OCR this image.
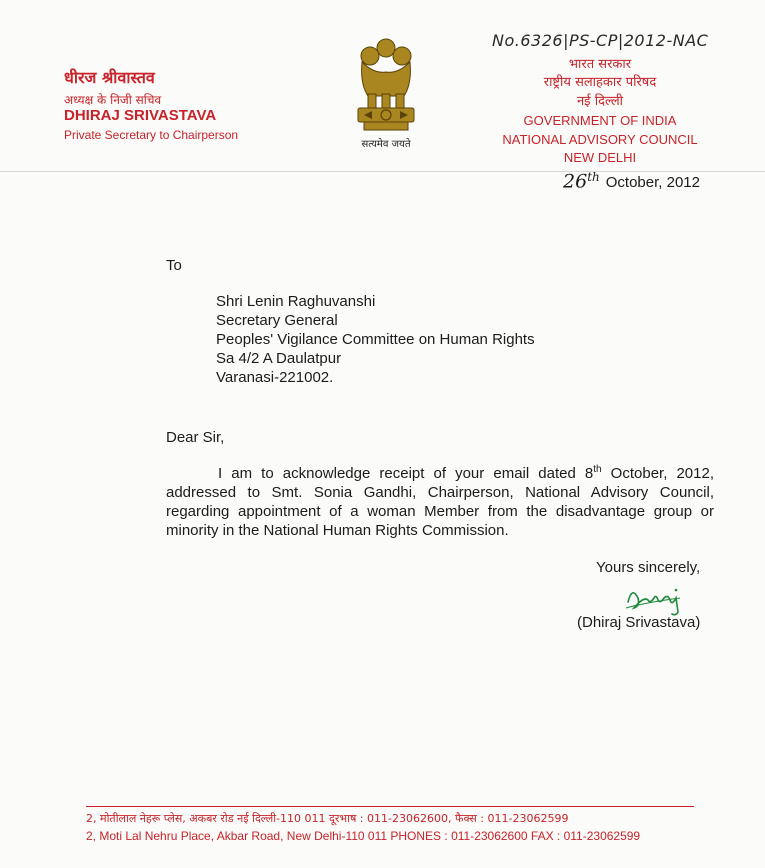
धीरज श्रीवास्तव
अध्यक्ष के निजी सचिव
DHIRAJ SRIVASTAVA
Private Secretary to Chairperson
सत्यमेव जयते
No.6326|PS-CP|2012-NAC
भारत सरकार
राष्ट्रीय सलाहकार परिषद
नई दिल्ली
GOVERNMENT OF INDIA
NATIONAL ADVISORY COUNCIL
NEW DELHI
26th October, 2012
To
Shri Lenin Raghuvanshi
Secretary General
Peoples' Vigilance Committee on Human Rights
Sa 4/2 A Daulatpur
Varanasi-221002.
Dear Sir,
I am to acknowledge receipt of your email dated 8th October, 2012, addressed to Smt. Sonia Gandhi, Chairperson, National Advisory Council, regarding appointment of a woman Member from the disadvantage group or minority in the National Human Rights Commission.
Yours sincerely,
(Dhiraj Srivastava)
2, मोतीलाल नेहरू प्लेस, अकबर रोड नई दिल्ली-110 011 दूरभाष : 011-23062600, फैक्स : 011-23062599
2, Moti Lal Nehru Place, Akbar Road, New Delhi-110 011 PHONES : 011-23062600 FAX : 011-23062599
